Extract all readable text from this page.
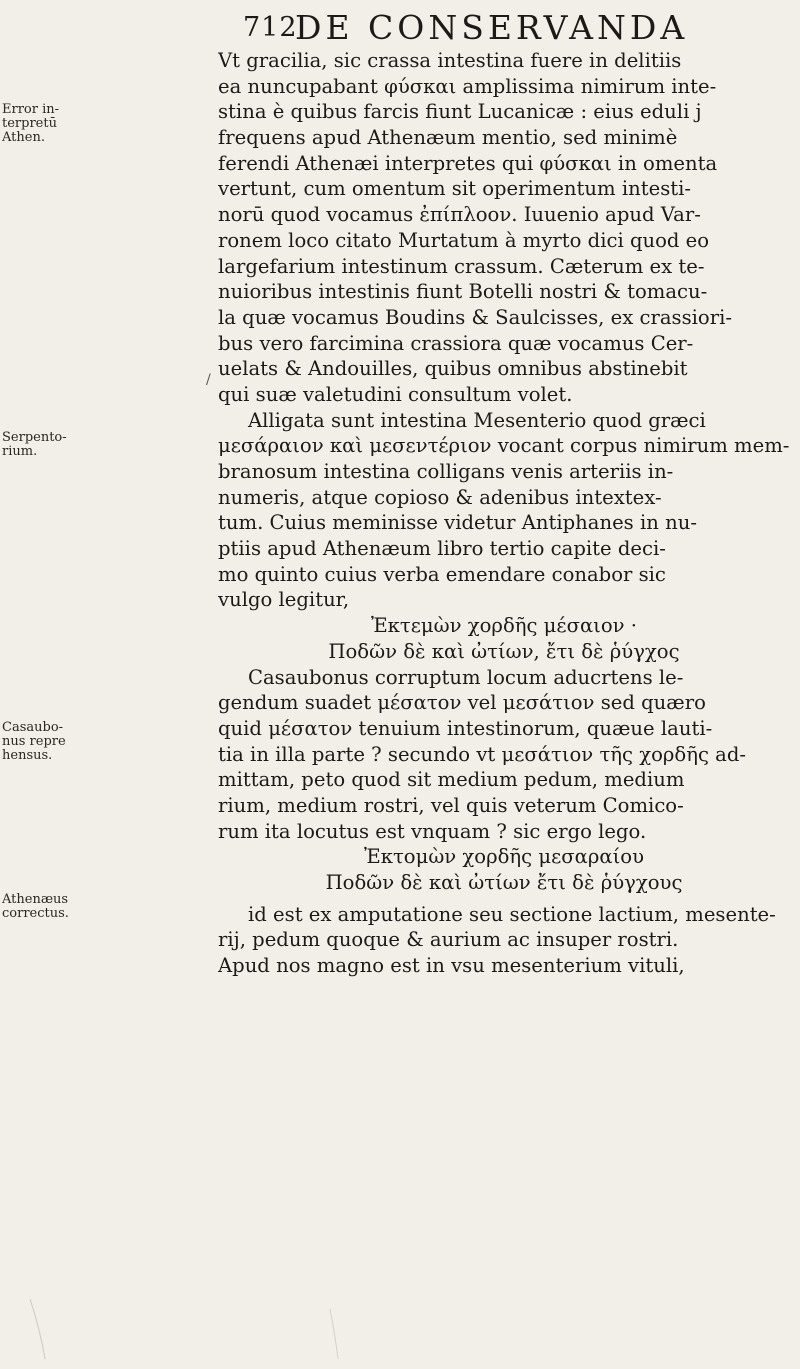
712
DE CONSERVANDA
Error in-
terpretū
Athen.
Serpento-
rium.
Casaubo-
nus repre
hensus.
Athenæus
correctus.
/
Vt gracilia, sic crassa intestina fuere in delitiis
ea nuncupabant φύσκαι amplissima nimirum inte-
stina è quibus farcis fiunt Lucanicæ : eius eduli j
frequens apud Athenæum mentio, sed minimè
ferendi Athenæi interpretes qui φύσκαι in omenta
vertunt, cum omentum sit operimentum intesti-
norū quod vocamus ἐπίπλοον. Iuuenio apud Var-
ronem loco citato Murtatum à myrto dici quod eo
largefarium intestinum crassum. Cæterum ex te-
nuioribus intestinis fiunt Botelli nostri & tomacu-
la quæ vocamus Boudins & Saulcisses, ex crassiori-
bus vero farcimina crassiora quæ vocamus Cer-
uelats & Andouilles, quibus omnibus abstinebit
qui suæ valetudini consultum volet.
Alligata sunt intestina Mesenterio quod græci
μεσάραιον καὶ μεσεντέριον vocant corpus nimirum mem-
branosum intestina colligans venis arteriis in-
numeris, atque copioso & adenibus intextex-
tum. Cuius meminisse videtur Antiphanes in nu-
ptiis apud Athenæum libro tertio capite deci-
mo quinto cuius verba emendare conabor sic
vulgo legitur,
Ἐκτεμὼν χορδῆς μέσαιον ·
Ποδῶν δὲ καὶ ὠτίων, ἔτι δὲ ῥύγχος
Casaubonus corruptum locum aducrtens le-
gendum suadet μέσατον vel μεσάτιον sed quæro
quid μέσατον tenuium intestinorum, quæue lauti-
tia in illa parte ? secundo vt μεσάτιον τῆς χορδῆς ad-
mittam, peto quod sit medium pedum, medium
rium, medium rostri, vel quis veterum Comico-
rum ita locutus est vnquam ? sic ergo lego.
Ἐκτομὼν χορδῆς μεσαραίου
Ποδῶν δὲ καὶ ὠτίων ἔτι δὲ ῥύγχους
id est ex amputatione seu sectione lactium, mesente-
rij, pedum quoque & aurium ac insuper rostri.
Apud nos magno est in vsu mesenterium vituli,
